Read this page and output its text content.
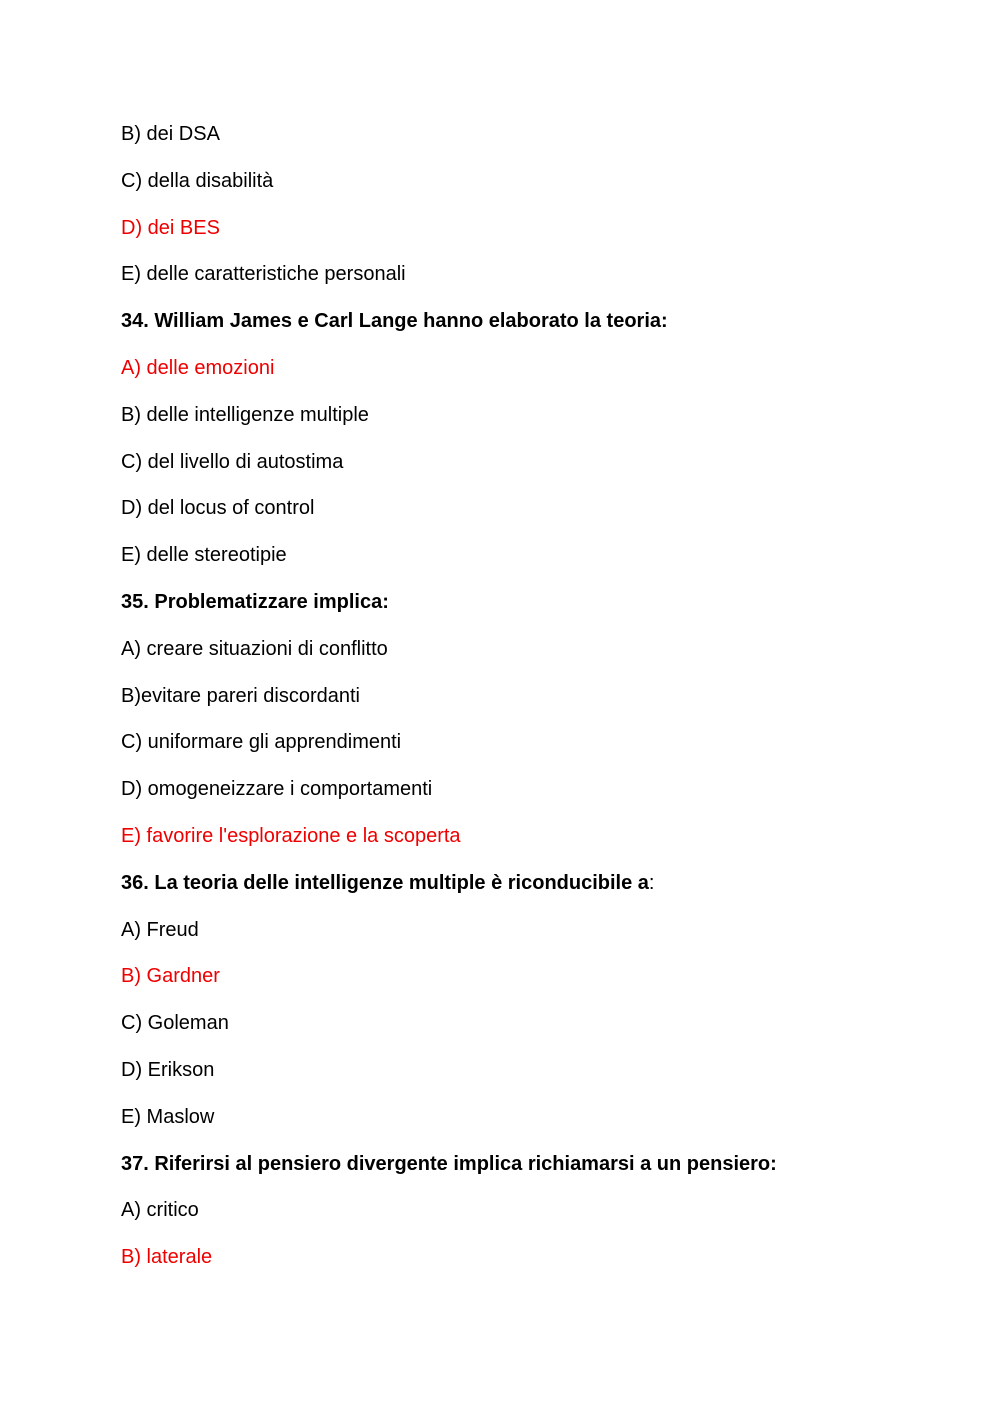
B) dei DSA
C) della disabilità
D) dei BES
E) delle caratteristiche personali
34. William James e Carl Lange hanno elaborato la teoria:
A) delle emozioni
B) delle intelligenze multiple
C) del livello di autostima
D) del locus of control
E) delle stereotipie
35. Problematizzare implica:
A) creare situazioni di conflitto
B)evitare pareri discordanti
C) uniformare gli apprendimenti
D) omogeneizzare i comportamenti
E) favorire l'esplorazione e la scoperta
36. La teoria delle intelligenze multiple è riconducibile a:
A) Freud
B) Gardner
C) Goleman
D) Erikson
E) Maslow
37. Riferirsi al pensiero divergente implica richiamarsi a un pensiero:
A) critico
B) laterale
